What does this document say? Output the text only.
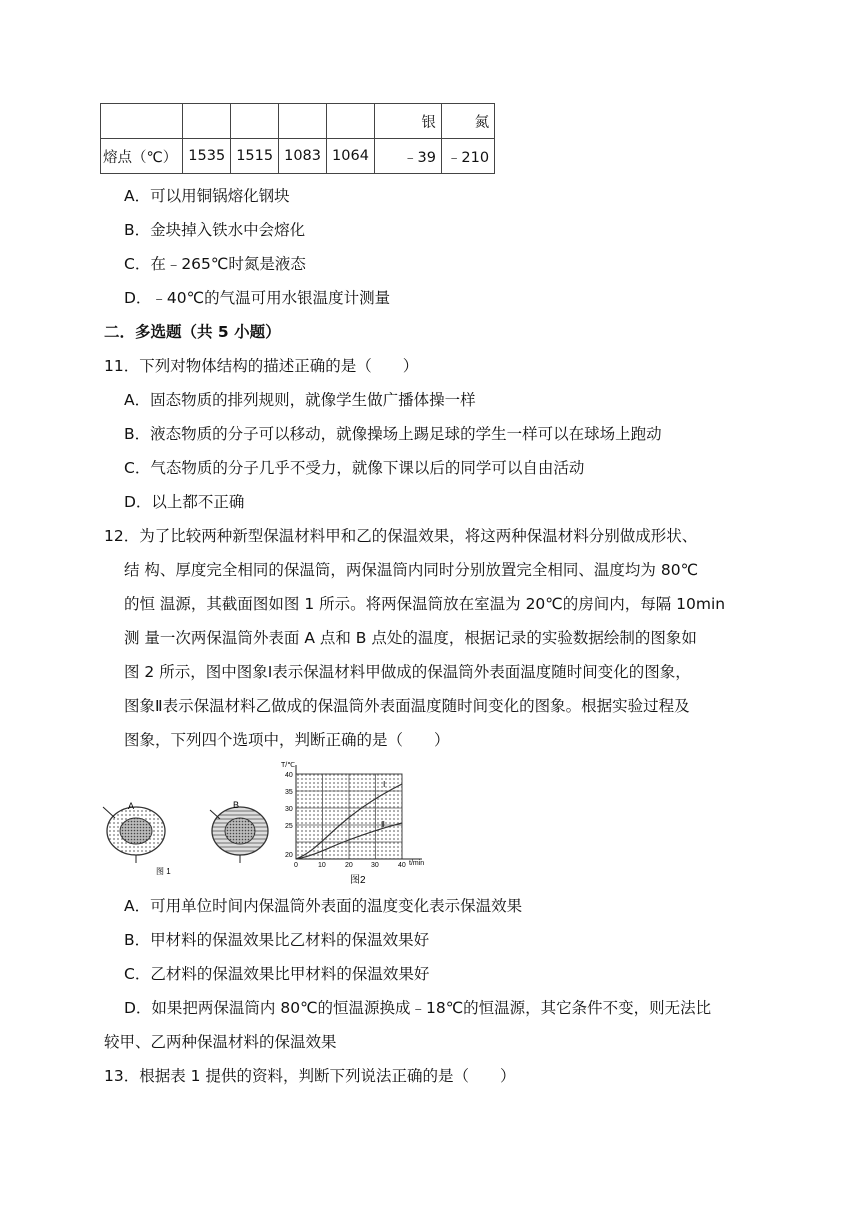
					银	氮
熔点（℃）	1535	1515	1083	1064	﹣39	﹣210
A．可以用铜锅熔化钢块
B．金块掉入铁水中会熔化
C．在﹣265℃时氮是液态
D．﹣40℃的气温可用水银温度计测量
二．多选题（共 5 小题）
11．下列对物体结构的描述正确的是（　　）
A．固态物质的排列规则，就像学生做广播体操一样
B．液态物质的分子可以移动，就像操场上踢足球的学生一样可以在球场上跑动
C．气态物质的分子几乎不受力，就像下课以后的同学可以自由活动
D．以上都不正确
12．为了比较两种新型保温材料甲和乙的保温效果，将这两种保温材料分别做成形状、
结 构、厚度完全相同的保温筒，两保温筒内同时分别放置完全相同、温度均为 80℃
的恒 温源，其截面图如图 1 所示。将两保温筒放在室温为 20℃的房间内，每隔 10min
测 量一次两保温筒外表面 A 点和 B 点处的温度，根据记录的实验数据绘制的图象如
图 2 所示，图中图象Ⅰ表示保温材料甲做成的保温筒外表面温度随时间变化的图象，
图象Ⅱ表示保温材料乙做成的保温筒外表面温度随时间变化的图象。根据实验过程及
图象，下列四个选项中，判断正确的是（　　）
A	B
图 1
T/℃
t/min
40
35
30
25
20
0	10	20	30	40
Ⅰ
Ⅱ
图2
A．可用单位时间内保温筒外表面的温度变化表示保温效果
B．甲材料的保温效果比乙材料的保温效果好
C．乙材料的保温效果比甲材料的保温效果好
D．如果把两保温筒内 80℃的恒温源换成﹣18℃的恒温源，其它条件不变，则无法比
较甲、乙两种保温材料的保温效果
13．根据表 1 提供的资料，判断下列说法正确的是（　　）
